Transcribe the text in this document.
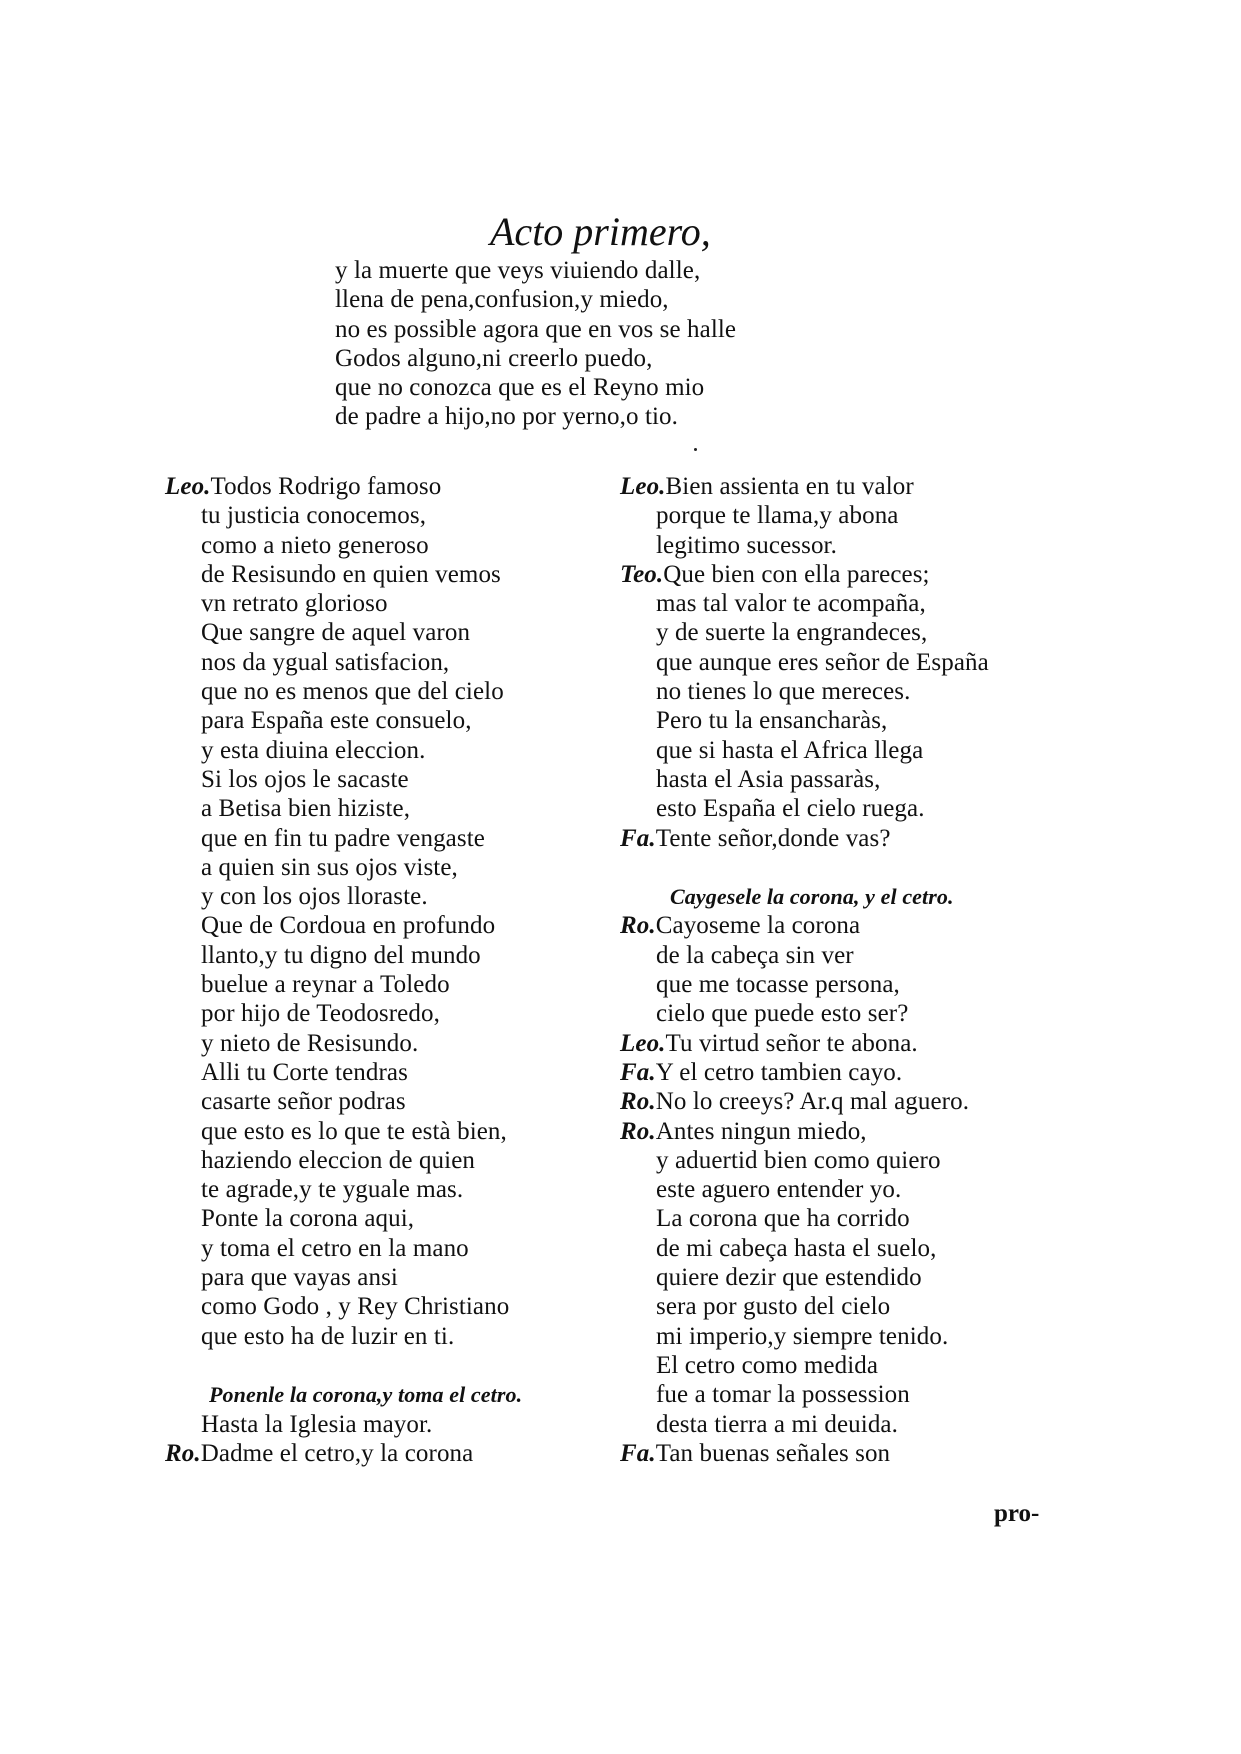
Acto primero,
y la muerte que veys viuiendo dalle,
llena de pena,confusion,y miedo,
no es possible agora que en vos se halle
Godos alguno,ni creerlo puedo,
que no conozca que es el Reyno mio
de padre a hijo,no por yerno,o tio.
Leo.Todos Rodrigo famoso
tu justicia conocemos,
como a nieto generoso
de Resisundo en quien vemos
vn retrato glorioso
Que sangre de aquel varon
nos da ygual satisfacion,
que no es menos que del cielo
para España este consuelo,
y esta diuina eleccion.
Si los ojos le sacaste
a Betisa bien hiziste,
que en fin tu padre vengaste
a quien sin sus ojos viste,
y con los ojos lloraste.
Que de Cordoua en profundo
llanto,y tu digno del mundo
buelue a reynar a Toledo
por hijo de Teodosredo,
y nieto de Resisundo.
Alli tu Corte tendras
casarte señor podras
que esto es lo que te està bien,
haziendo eleccion de quien
te agrade,y te yguale mas.
Ponte la corona aqui,
y toma el cetro en la mano
para que vayas ansi
como Godo , y Rey Christiano
que esto ha de luzir en ti.
Ponenle la corona,y toma el cetro.
Hasta la Iglesia mayor.
Ro.Dadme el cetro,y la corona
Leo.Bien assienta en tu valor
porque te llama,y abona
legitimo sucessor.
Teo.Que bien con ella pareces;
mas tal valor te acompaña,
y de suerte la engrandeces,
que aunque eres señor de España
no tienes lo que mereces.
Pero tu la ensancharàs,
que si hasta el Africa llega
hasta el Asia passaràs,
esto España el cielo ruega.
Fa.Tente señor,donde vas?
Caygesele la corona, y el cetro.
Ro.Cayoseme la corona
de la cabeça sin ver
que me tocasse persona,
cielo que puede esto ser?
Leo.Tu virtud señor te abona.
Fa.Y el cetro tambien cayo.
Ro.No lo creeys? Ar.q mal aguero.
Ro.Antes ningun miedo,
y aduertid bien como quiero
este aguero entender yo.
La corona que ha corrido
de mi cabeça hasta el suelo,
quiere dezir que estendido
sera por gusto del cielo
mi imperio,y siempre tenido.
El cetro como medida
fue a tomar la possession
desta tierra a mi deuida.
Fa.Tan buenas señales son
pro-
